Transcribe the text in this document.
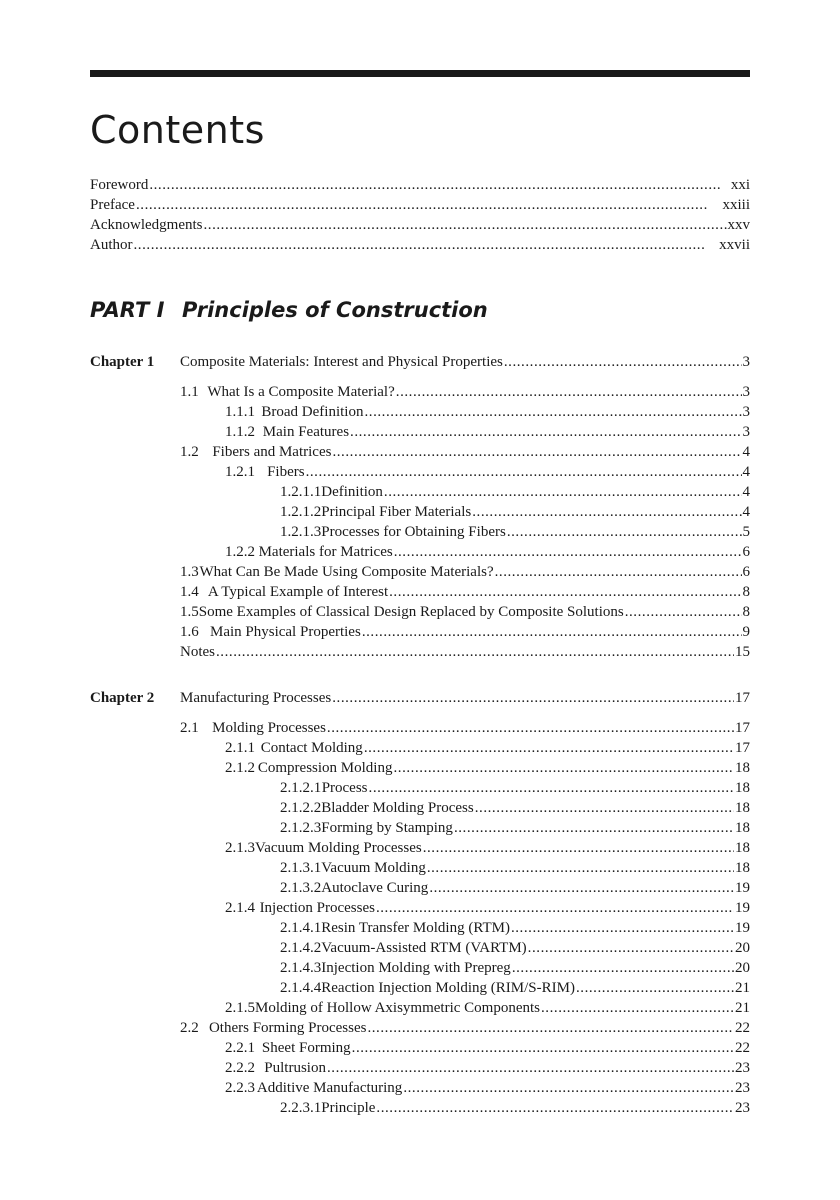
Contents
Foreword . . .	xxi
Preface . . .	xxiii
Acknowledgments . . .	xxv
Author . . .	xxvii
PART I Principles of Construction
Chapter 1 Composite Materials: Interest and Physical Properties . . .	3
1.1 What Is a Composite Material? . . .	3
1.1.1 Broad Definition . . .	3
1.1.2 Main Features . . .	3
1.2 Fibers and Matrices . . .	4
1.2.1 Fibers . . .	4
1.2.1.1 Definition . . .	4
1.2.1.2 Principal Fiber Materials . . .	4
1.2.1.3 Processes for Obtaining Fibers . . .	5
1.2.2 Materials for Matrices . . .	6
1.3 What Can Be Made Using Composite Materials? . . .	6
1.4 A Typical Example of Interest . . .	8
1.5 Some Examples of Classical Design Replaced by Composite Solutions . . .	8
1.6 Main Physical Properties . . .	9
Notes . . .	15
Chapter 2 Manufacturing Processes . . .	17
2.1 Molding Processes . . .	17
2.1.1 Contact Molding . . .	17
2.1.2 Compression Molding . . .	18
2.1.2.1 Process . . .	18
2.1.2.2 Bladder Molding Process . . .	18
2.1.2.3 Forming by Stamping . . .	18
2.1.3 Vacuum Molding Processes . . .	18
2.1.3.1 Vacuum Molding . . .	18
2.1.3.2 Autoclave Curing . . .	19
2.1.4 Injection Processes . . .	19
2.1.4.1 Resin Transfer Molding (RTM) . . .	19
2.1.4.2 Vacuum-Assisted RTM (VARTM) . . .	20
2.1.4.3 Injection Molding with Prepreg . . .	20
2.1.4.4 Reaction Injection Molding (RIM/S-RIM) . . .	21
2.1.5 Molding of Hollow Axisymmetric Components . . .	21
2.2 Others Forming Processes . . .	22
2.2.1 Sheet Forming . . .	22
2.2.2 Pultrusion . . .	23
2.2.3 Additive Manufacturing . . .	23
2.2.3.1 Principle . . .	23
